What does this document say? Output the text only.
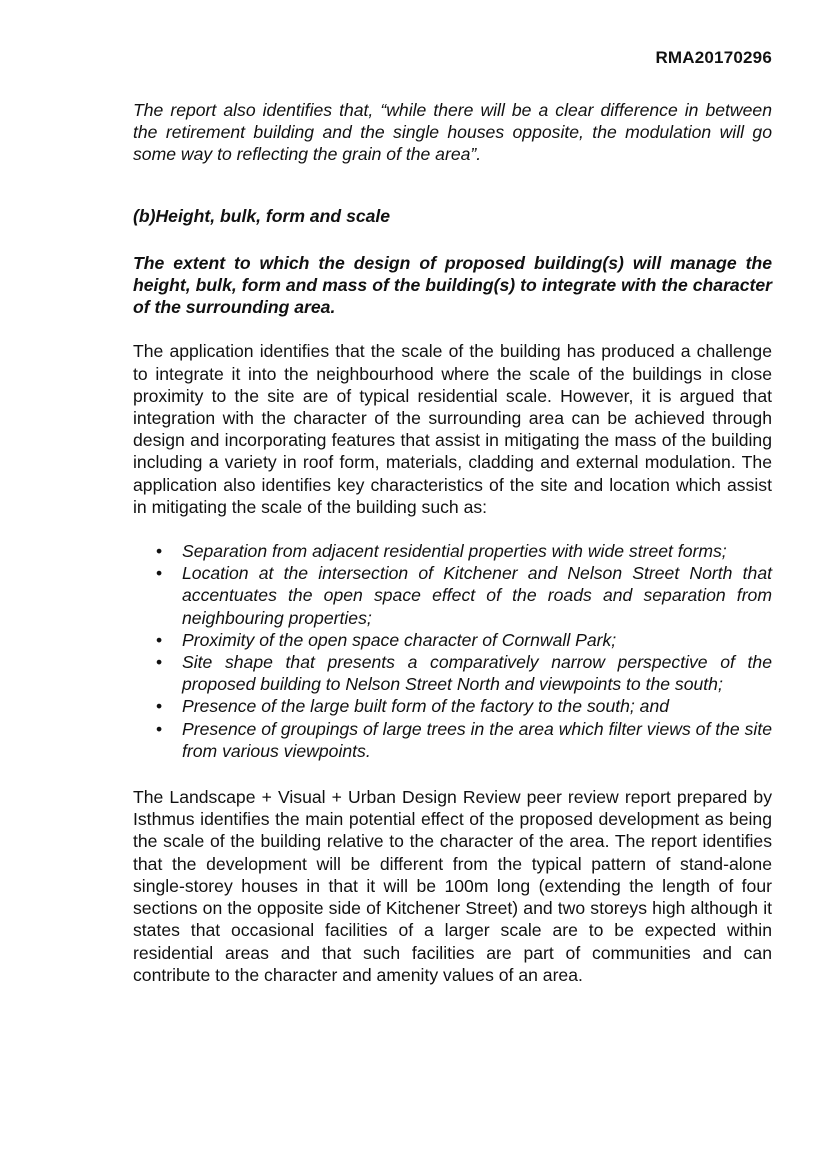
RMA20170296

The report also identifies that, “while there will be a clear difference in between the retirement building and the single houses opposite, the modulation will go some way to reflecting the grain of the area”.

(b)Height, bulk, form and scale

The extent to which the design of proposed building(s) will manage the height, bulk, form and mass of the building(s) to integrate with the character of the surrounding area.

The application identifies that the scale of the building has produced a challenge to integrate it into the neighbourhood where the scale of the buildings in close proximity to the site are of typical residential scale. However, it is argued that integration with the character of the surrounding area can be achieved through design and incorporating features that assist in mitigating the mass of the building including a variety in roof form, materials, cladding and external modulation. The application also identifies key characteristics of the site and location which assist in mitigating the scale of the building such as:

• Separation from adjacent residential properties with wide street forms;
• Location at the intersection of Kitchener and Nelson Street North that accentuates the open space effect of the roads and separation from neighbouring properties;
• Proximity of the open space character of Cornwall Park;
• Site shape that presents a comparatively narrow perspective of the proposed building to Nelson Street North and viewpoints to the south;
• Presence of the large built form of the factory to the south; and
• Presence of groupings of large trees in the area which filter views of the site from various viewpoints.

The Landscape + Visual + Urban Design Review peer review report prepared by Isthmus identifies the main potential effect of the proposed development as being the scale of the building relative to the character of the area. The report identifies that the development will be different from the typical pattern of stand-alone single-storey houses in that it will be 100m long (extending the length of four sections on the opposite side of Kitchener Street) and two storeys high although it states that occasional facilities of a larger scale are to be expected within residential areas and that such facilities are part of communities and can contribute to the character and amenity values of an area.
